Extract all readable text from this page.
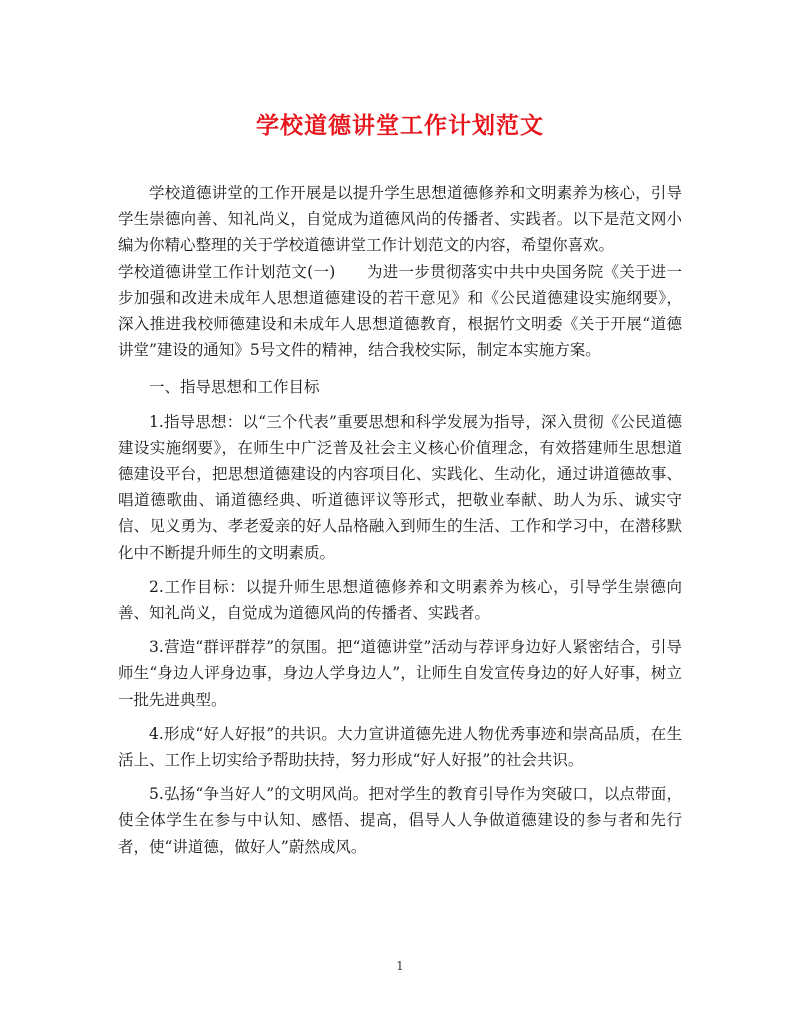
学校道德讲堂工作计划范文

学校道德讲堂的工作开展是以提升学生思想道德修养和文明素养为核心，引导学生崇德向善、知礼尚义，自觉成为道德风尚的传播者、实践者。以下是范文网小编为你精心整理的关于学校道德讲堂工作计划范文的内容，希望你喜欢。

学校道德讲堂工作计划范文(一)　　为进一步贯彻落实中共中央国务院《关于进一步加强和改进未成年人思想道德建设的若干意见》和《公民道德建设实施纲要》，深入推进我校师德建设和未成年人思想道德教育，根据竹文明委《关于开展“道德讲堂”建设的通知》5号文件的精神，结合我校实际，制定本实施方案。

一、指导思想和工作目标

1.指导思想：以“三个代表”重要思想和科学发展为指导，深入贯彻《公民道德建设实施纲要》，在师生中广泛普及社会主义核心价值理念，有效搭建师生思想道德建设平台，把思想道德建设的内容项目化、实践化、生动化，通过讲道德故事、唱道德歌曲、诵道德经典、听道德评议等形式，把敬业奉献、助人为乐、诚实守信、见义勇为、孝老爱亲的好人品格融入到师生的生活、工作和学习中，在潜移默化中不断提升师生的文明素质。

2.工作目标：以提升师生思想道德修养和文明素养为核心，引导学生崇德向善、知礼尚义，自觉成为道德风尚的传播者、实践者。

3.营造“群评群荐”的氛围。把“道德讲堂”活动与荐评身边好人紧密结合，引导师生“身边人评身边事，身边人学身边人”，让师生自发宣传身边的好人好事，树立一批先进典型。

4.形成“好人好报”的共识。大力宣讲道德先进人物优秀事迹和崇高品质，在生活上、工作上切实给予帮助扶持，努力形成“好人好报”的社会共识。

5.弘扬“争当好人”的文明风尚。把对学生的教育引导作为突破口，以点带面，使全体学生在参与中认知、感悟、提高，倡导人人争做道德建设的参与者和先行者，使“讲道德，做好人”蔚然成风。

1
